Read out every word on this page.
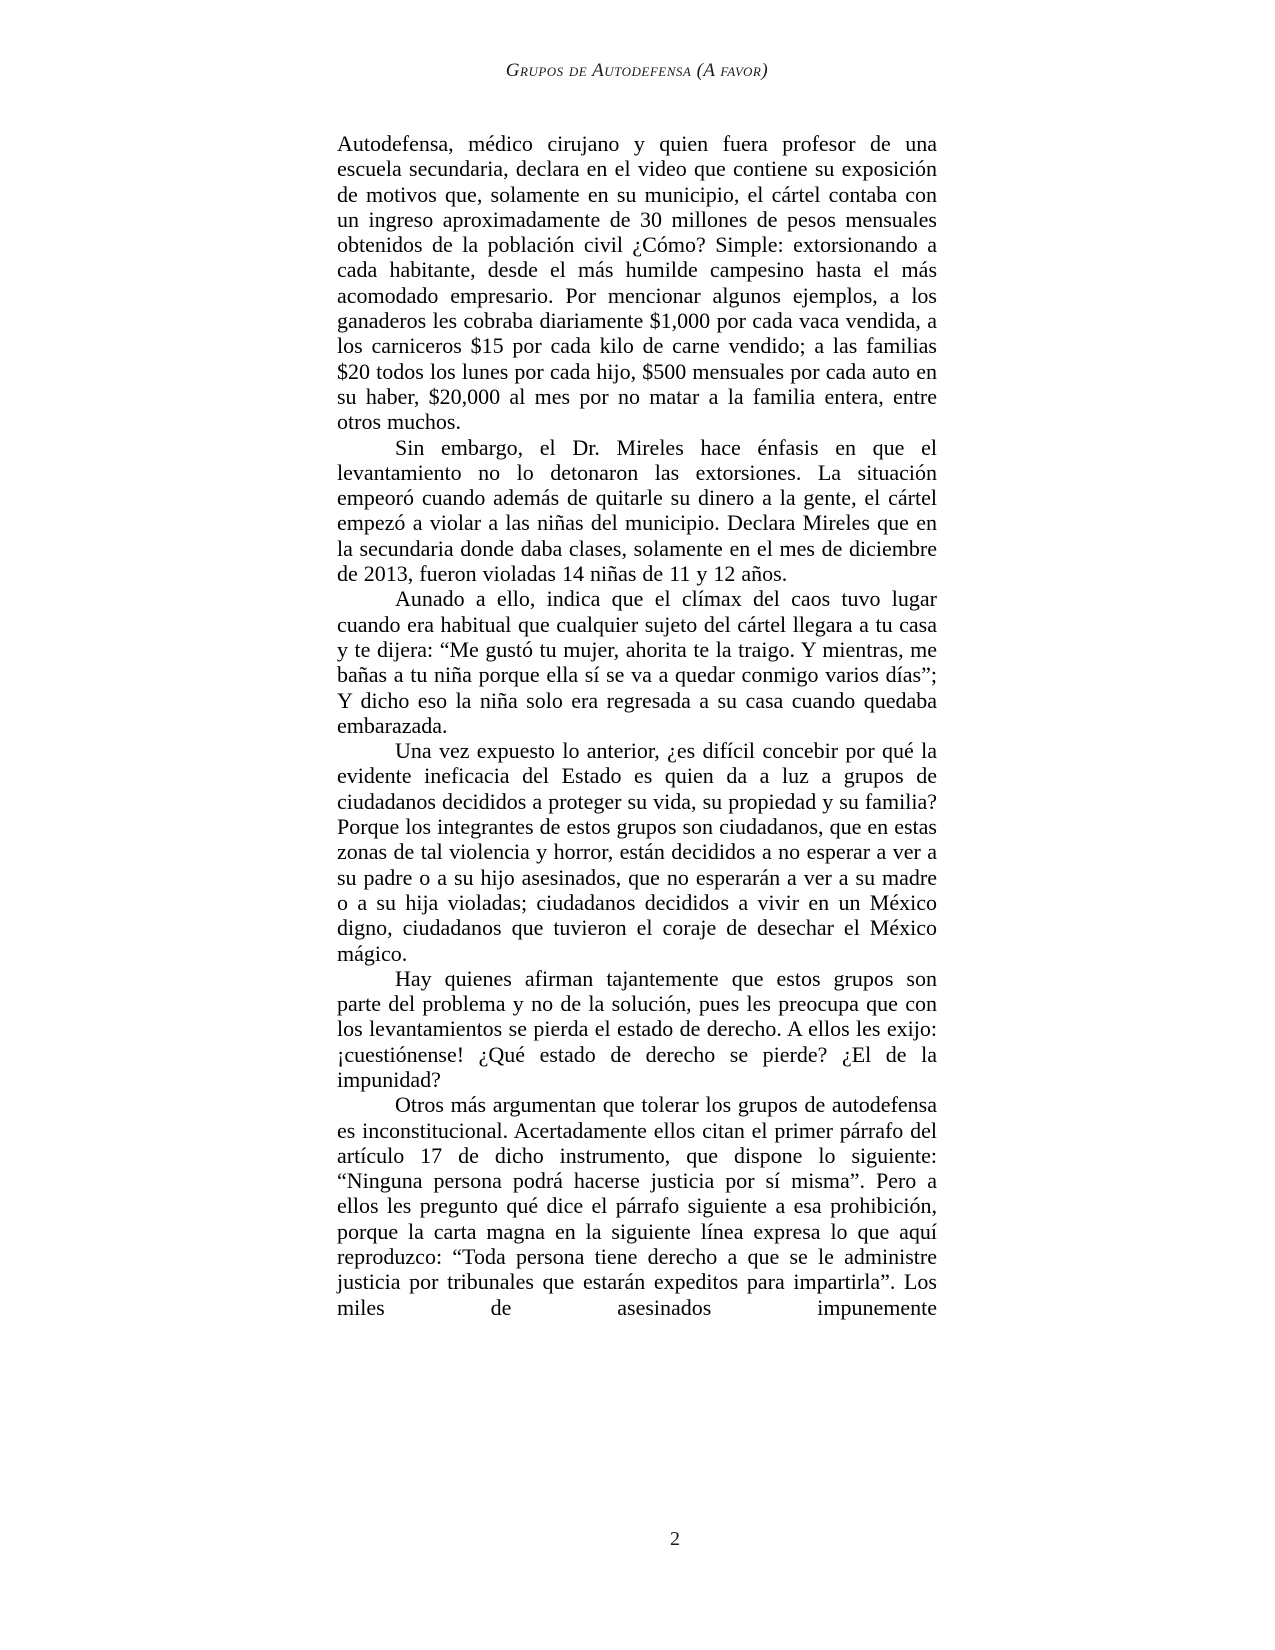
Grupos de Autodefensa (A favor)

Autodefensa, médico cirujano y quien fuera profesor de una escuela secundaria, declara en el video que contiene su exposición de motivos que, solamente en su municipio, el cártel contaba con un ingreso aproximadamente de 30 millones de pesos mensuales obtenidos de la población civil ¿Cómo? Simple: extorsionando a cada habitante, desde el más humilde campesino hasta el más acomodado empresario. Por mencionar algunos ejemplos, a los ganaderos les cobraba diariamente $1,000 por cada vaca vendida, a los carniceros $15 por cada kilo de carne vendido; a las familias $20 todos los lunes por cada hijo, $500 mensuales por cada auto en su haber, $20,000 al mes por no matar a la familia entera, entre otros muchos.

Sin embargo, el Dr. Mireles hace énfasis en que el levantamiento no lo detonaron las extorsiones. La situación empeoró cuando además de quitarle su dinero a la gente, el cártel empezó a violar a las niñas del municipio. Declara Mireles que en la secundaria donde daba clases, solamente en el mes de diciembre de 2013, fueron violadas 14 niñas de 11 y 12 años.

Aunado a ello, indica que el clímax del caos tuvo lugar cuando era habitual que cualquier sujeto del cártel llegara a tu casa y te dijera: “Me gustó tu mujer, ahorita te la traigo. Y mientras, me bañas a tu niña porque ella sí se va a quedar conmigo varios días”; Y dicho eso la niña solo era regresada a su casa cuando quedaba embarazada.

Una vez expuesto lo anterior, ¿es difícil concebir por qué la evidente ineficacia del Estado es quien da a luz a grupos de ciudadanos decididos a proteger su vida, su propiedad y su familia? Porque los integrantes de estos grupos son ciudadanos, que en estas zonas de tal violencia y horror, están decididos a no esperar a ver a su padre o a su hijo asesinados, que no esperarán a ver a su madre o a su hija violadas; ciudadanos decididos a vivir en un México digno, ciudadanos que tuvieron el coraje de desechar el México mágico.

Hay quienes afirman tajantemente que estos grupos son parte del problema y no de la solución, pues les preocupa que con los levantamientos se pierda el estado de derecho. A ellos les exijo: ¡cuestiónense! ¿Qué estado de derecho se pierde? ¿El de la impunidad?

Otros más argumentan que tolerar los grupos de autodefensa es inconstitucional. Acertadamente ellos citan el primer párrafo del artículo 17 de dicho instrumento, que dispone lo siguiente: “Ninguna persona podrá hacerse justicia por sí misma”. Pero a ellos les pregunto qué dice el párrafo siguiente a esa prohibición, porque la carta magna en la siguiente línea expresa lo que aquí reproduzco: “Toda persona tiene derecho a que se le administre justicia por tribunales que estarán expeditos para impartirla”. Los miles de asesinados impunemente

2
